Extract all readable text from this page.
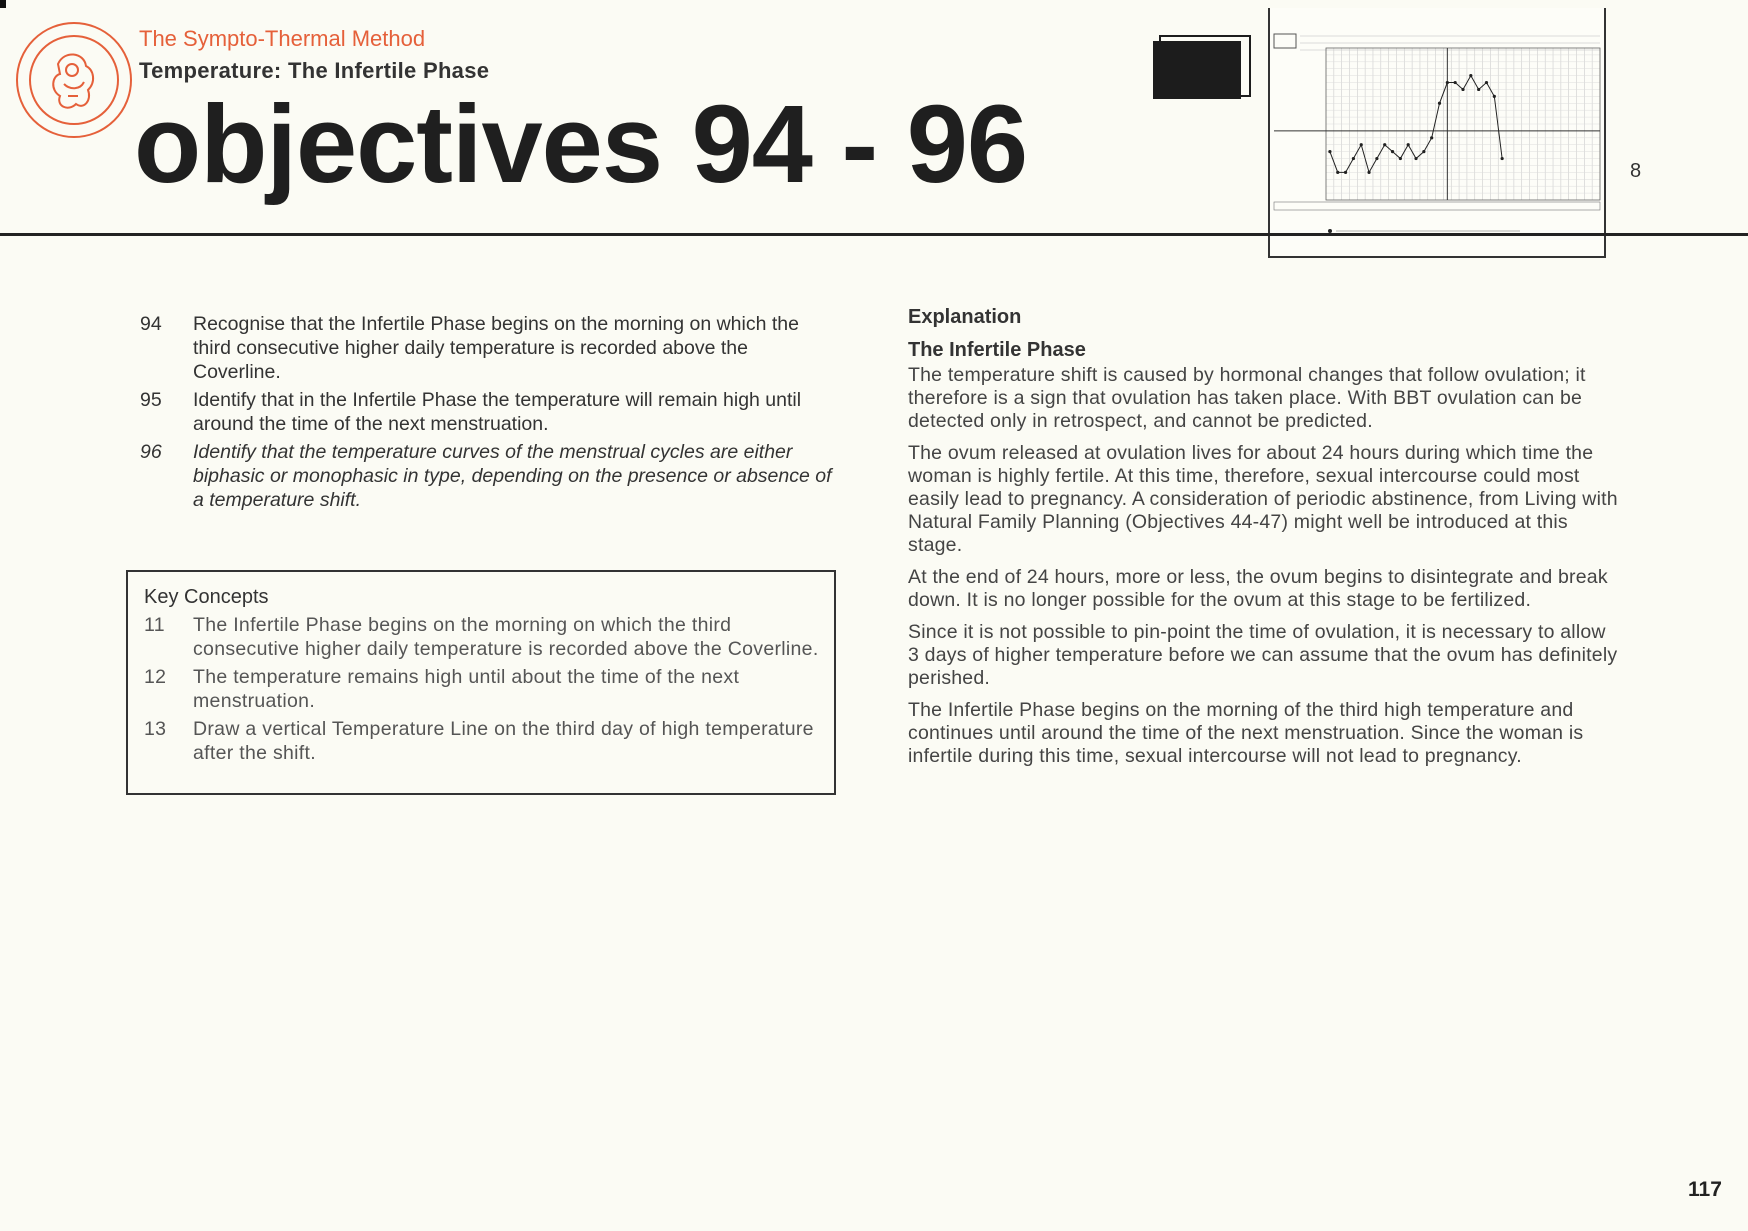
The Sympto-Thermal Method
Temperature: The Infertile Phase
objectives 94 - 96	8
94	Recognise that the Infertile Phase begins on the morning on which the third consecutive higher daily temperature is recorded above the Coverline.
95	Identify that in the Infertile Phase the temperature will remain high until around the time of the next menstruation.
96	Identify that the temperature curves of the menstrual cycles are either biphasic or monophasic in type, depending on the presence or absence of a temperature shift.
Key Concepts
11	The Infertile Phase begins on the morning on which the third consecutive higher daily temperature is recorded above the Coverline.
12	The temperature remains high until about the time of the next menstruation.
13	Draw a vertical Temperature Line on the third day of high temperature after the shift.
Explanation
The Infertile Phase

The temperature shift is caused by hormonal changes that follow ovulation; it therefore is a sign that ovulation has taken place. With BBT ovulation can be detected only in retrospect, and cannot be predicted.

The ovum released at ovulation lives for about 24 hours during which time the woman is highly fertile. At this time, therefore, sexual intercourse could most easily lead to pregnancy. A consideration of periodic abstinence, from Living with Natural Family Planning (Objectives 44-47) might well be introduced at this stage.

At the end of 24 hours, more or less, the ovum begins to disintegrate and break down. It is no longer possible for the ovum at this stage to be fertilized.

Since it is not possible to pin-point the time of ovulation, it is necessary to allow 3 days of higher temperature before we can assume that the ovum has definitely perished.

The Infertile Phase begins on the morning of the third high temperature and continues until around the time of the next menstruation. Since the woman is infertile during this time, sexual intercourse will not lead to pregnancy.

117
